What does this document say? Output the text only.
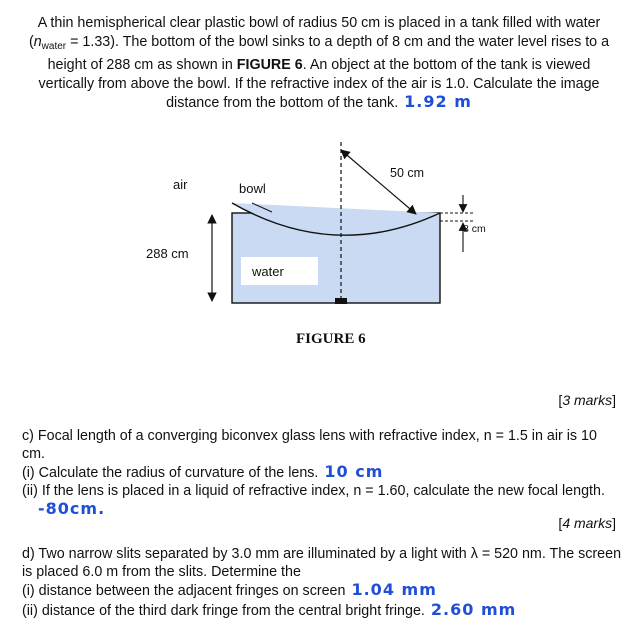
A thin hemispherical clear plastic bowl of radius 50 cm is placed in a tank filled with water $(n_{water} = 1.33)$. The bottom of the bowl sinks to a depth of 8 cm and the water level rises to a height of 288 cm as shown in FIGURE 6. An object at the bottom of the tank is viewed vertically from above the bowl. If the refractive index of the air is 1.0. Calculate the image distance from the bottom of the tank. 1.92 m
water
50 cm
288 cm
8 cm
air	bowl
FIGURE 6
[3 marks]
c) Focal length of a converging biconvex glass lens with refractive index, n = 1.5 in air is 10 cm.
(i) Calculate the radius of curvature of the lens. 10 cm
(ii) If the lens is placed in a liquid of refractive index, n = 1.60, calculate the new focal length.
-80cm.
[4 marks]
d) Two narrow slits separated by 3.0 mm are illuminated by a light with λ = 520 nm. The screen is placed 6.0 m from the slits. Determine the
(i) distance between the adjacent fringes on screen 1.04 mm
(ii) distance of the third dark fringe from the central bright fringe. 2.60 mm
